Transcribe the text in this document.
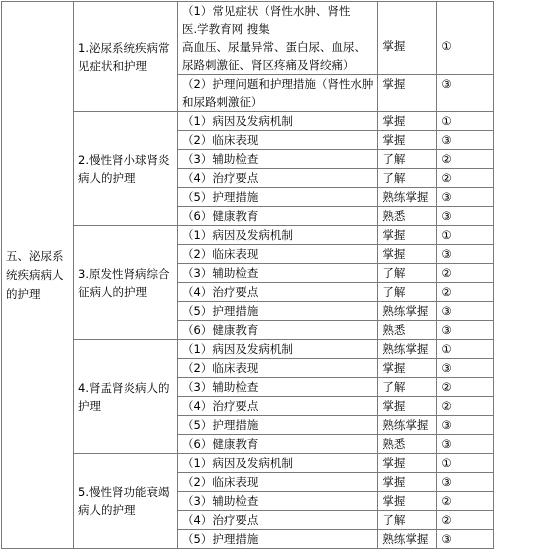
五、泌尿系统疾病病人的护理	1.泌尿系统疾病常见症状和护理	（1）常见症状（肾性水肿、肾性
医.学教育网 搜集
高血压、尿量异常、蛋白尿、血尿、
尿路刺激征、肾区疼痛及肾绞痛）	掌握	①

		（2）护理问题和护理措施（肾性水肿
和尿路刺激征）	掌握	③
	2.慢性肾小球肾炎病人的护理	（1）病因及发病机制	掌握	①

		（2）临床表现	掌握	③

		（3）辅助检查	了解	②

		（4）治疗要点	了解	②

		（5）护理措施	熟练掌握	③

		（6）健康教育	熟悉	③
	3.原发性肾病综合征病人的护理	（1）病因及发病机制	掌握	①

		（2）临床表现	掌握	③

		（3）辅助检查	了解	②

		（4）治疗要点	了解	②

		（5）护理措施	熟练掌握	③

		（6）健康教育	熟悉	③
	4.肾盂肾炎病人的护理	（1）病因及发病机制	熟练掌握	①

		（2）临床表现	掌握	③

		（3）辅助检查	了解	②

		（4）治疗要点	掌握	②

		（5）护理措施	熟练掌握	③

		（6）健康教育	熟悉	③
	5.慢性肾功能衰竭病人的护理	（1）病因及发病机制	掌握	①

		（2）临床表现	掌握	③

		（3）辅助检查	掌握	②

		（4）治疗要点	了解	②

		（5）护理措施	熟练掌握	③
